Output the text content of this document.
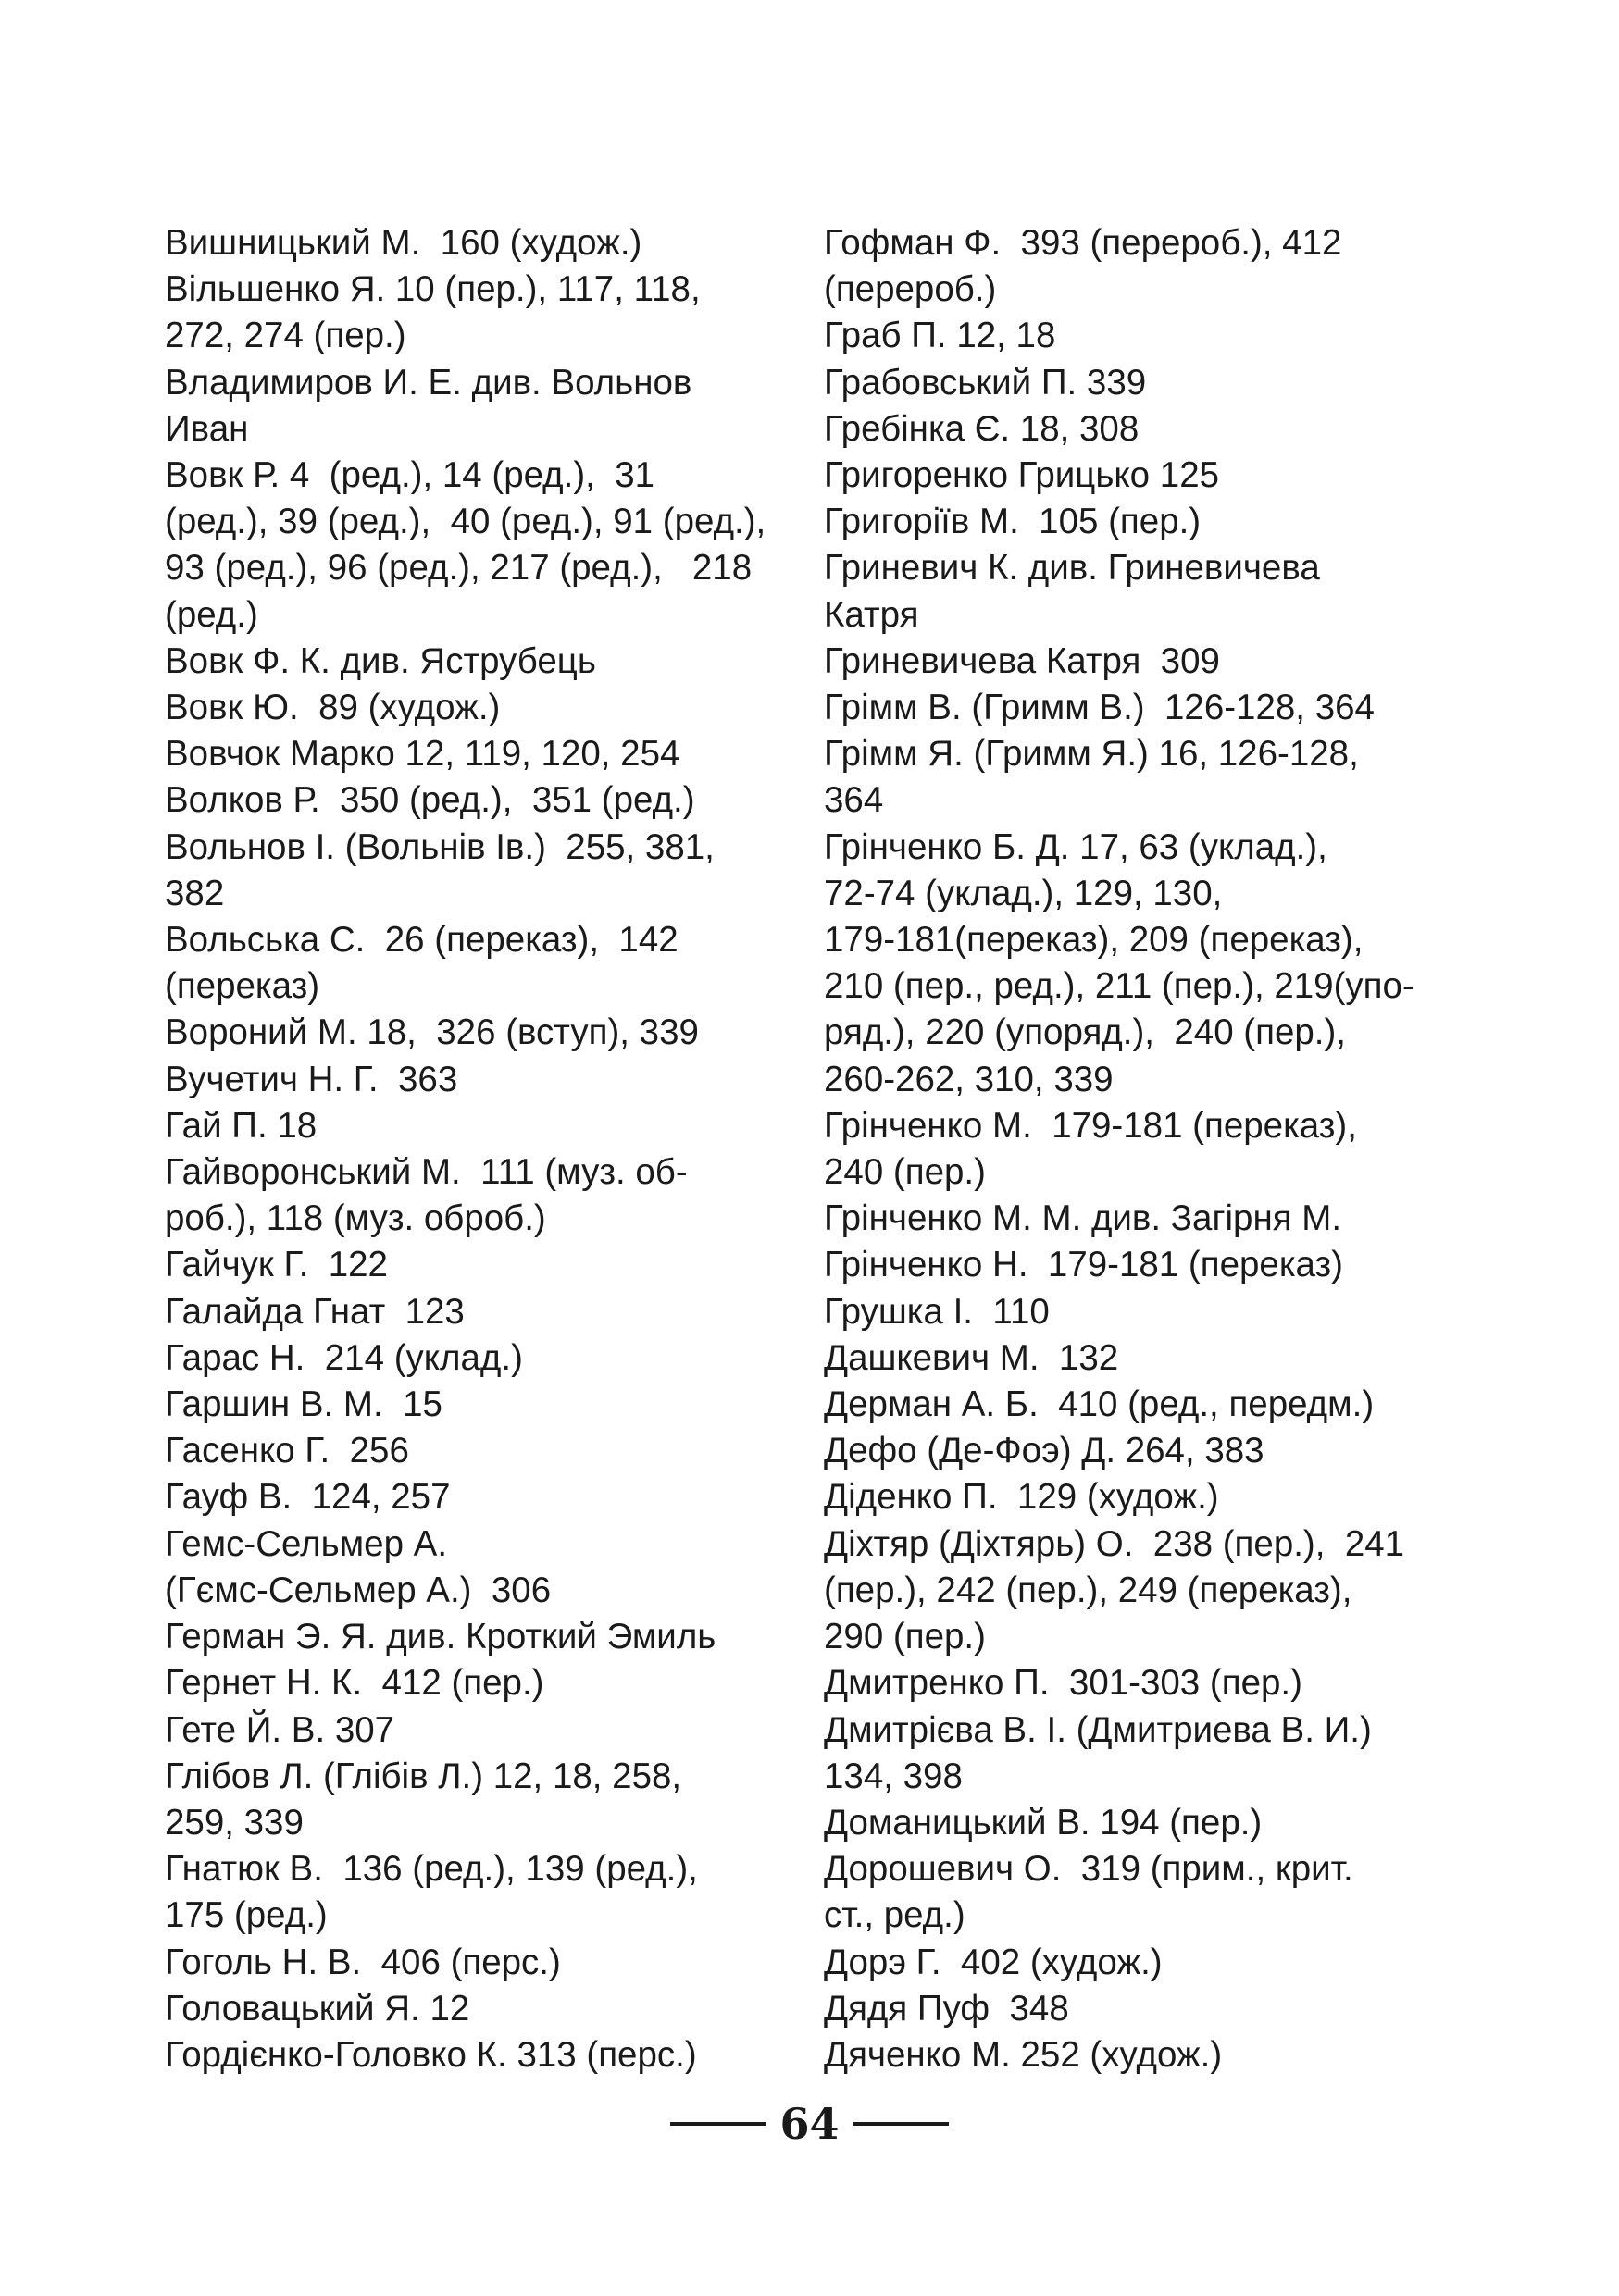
Вишницький М.  160 (худож.)
Вільшенко Я. 10 (пер.), 117, 118,
272, 274 (пер.)
Владимиров И. Е. див. Вольнов
Иван
Вовк Р. 4  (ред.), 14 (ред.),  31
(ред.), 39 (ред.),  40 (ред.), 91 (ред.),
93 (ред.), 96 (ред.), 217 (ред.),   218
(ред.)
Вовк Ф. К. див. Яструбець
Вовк Ю.  89 (худож.)
Вовчок Марко 12, 119, 120, 254
Волков Р.  350 (ред.),  351 (ред.)
Вольнов І. (Вольнів Ів.)  255, 381,
382
Вольська С.  26 (переказ),  142
(переказ)
Вороний М. 18,  326 (вступ), 339
Вучетич Н. Г.  363
Гай П. 18
Гайворонський М.  111 (муз. об-
роб.), 118 (муз. оброб.)
Гайчук Г.  122
Галайда Гнат  123
Гарас Н.  214 (уклад.)
Гаршин В. М.  15
Гасенко Г.  256
Гауф В.  124, 257
Гемс-Сельмер А.
(Гємс-Сельмер А.)  306
Герман Э. Я. див. Кроткий Эмиль
Гернет Н. К.  412 (пер.)
Гете Й. В. 307
Глібов Л. (Глібів Л.) 12, 18, 258,
259, 339
Гнатюк В.  136 (ред.), 139 (ред.),
175 (ред.)
Гоголь Н. В.  406 (перс.)
Головацький Я. 12
Гордієнко-Головко К. 313 (перс.)
Гофман Ф.  393 (перероб.), 412
(перероб.)
Граб П. 12, 18
Грабовський П. 339
Гребінка Є. 18, 308
Григоренко Грицько 125
Григоріїв М.  105 (пер.)
Гриневич К. див. Гриневичева
Катря
Гриневичева Катря  309
Грімм В. (Гримм В.)  126-128, 364
Грімм Я. (Гримм Я.) 16, 126-128,
364
Грінченко Б. Д. 17, 63 (уклад.),
72-74 (уклад.), 129, 130,
179-181(переказ), 209 (переказ),
210 (пер., ред.), 211 (пер.), 219(упо-
ряд.), 220 (упоряд.),  240 (пер.),
260-262, 310, 339
Грінченко М.  179-181 (переказ),
240 (пер.)
Грінченко М. М. див. Загірня М.
Грінченко Н.  179-181 (переказ)
Грушка І.  110
Дашкевич М.  132
Дерман А. Б.  410 (ред., передм.)
Дефо (Де-Фоэ) Д. 264, 383
Діденко П.  129 (худож.)
Діхтяр (Діхтярь) О.  238 (пер.),  241
(пер.), 242 (пер.), 249 (переказ),
290 (пер.)
Дмитренко П.  301-303 (пер.)
Дмитрієва В. І. (Дмитриева В. И.)
134, 398
Доманицький В. 194 (пер.)
Дорошевич О.  319 (прим., крит.
ст., ред.)
Дорэ Г.  402 (худож.)
Дядя Пуф  348
Дяченко М. 252 (худож.)
64
